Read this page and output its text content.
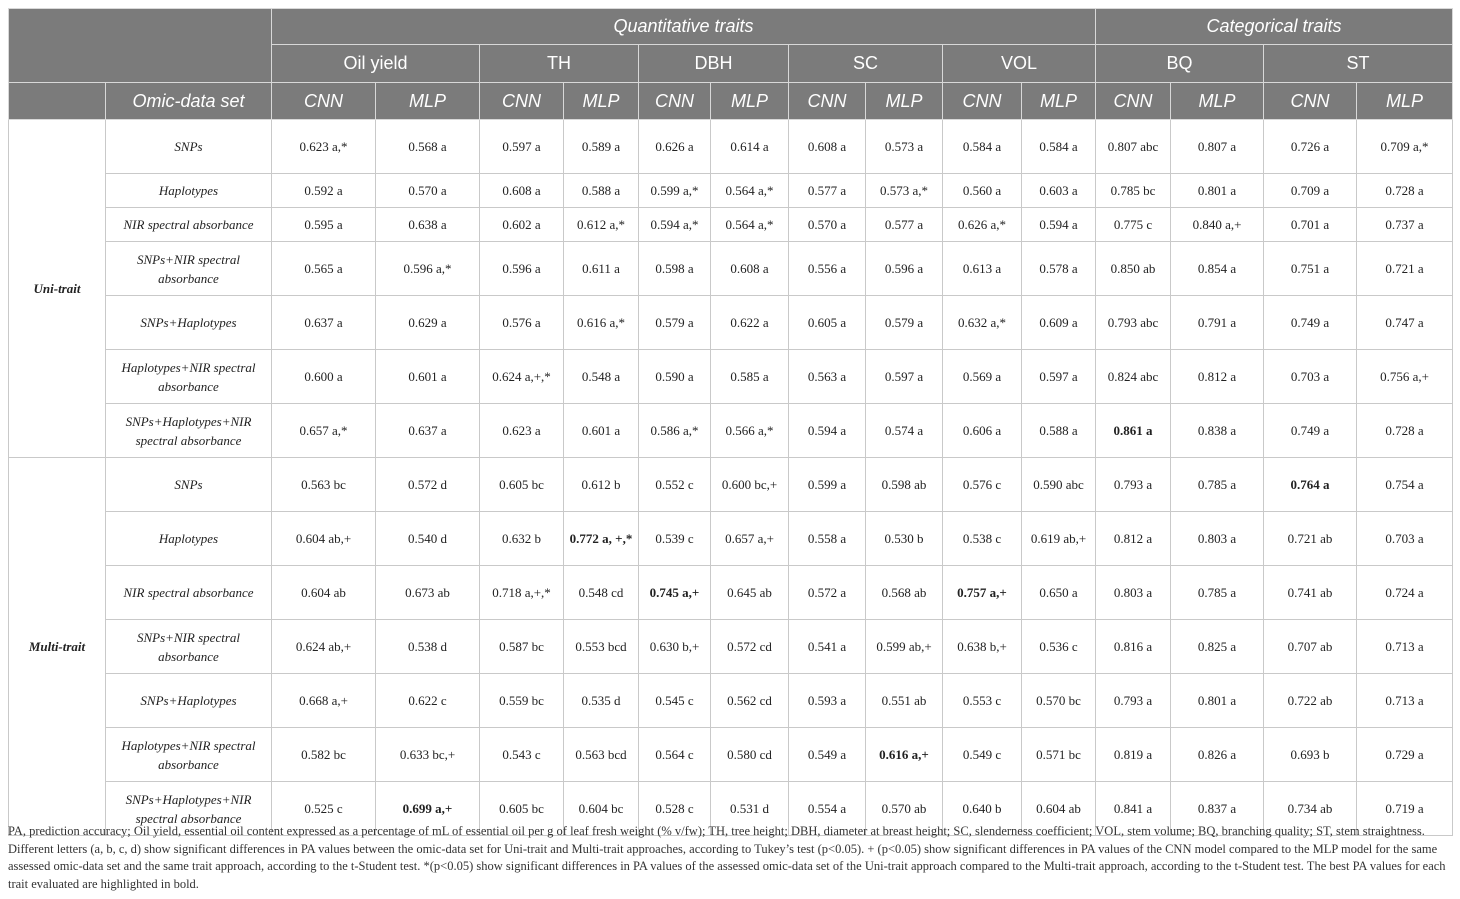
		Quantitative traits										Categorical traits			
		Oil yield		TH		DBH		SC		VOL		BQ		ST	
	Omic-data set	CNN	MLP	CNN	MLP	CNN	MLP	CNN	MLP	CNN	MLP	CNN	MLP	CNN	MLP
Uni-trait	SNPs	0.623 a,*	0.568 a	0.597 a	0.589 a	0.626 a	0.614 a	0.608 a	0.573 a	0.584 a	0.584 a	0.807 abc	0.807 a	0.726 a	0.709 a,*
	Haplotypes	0.592 a	0.570 a	0.608 a	0.588 a	0.599 a,*	0.564 a,*	0.577 a	0.573 a,*	0.560 a	0.603 a	0.785 bc	0.801 a	0.709 a	0.728 a
	NIR spectral absorbance	0.595 a	0.638 a	0.602 a	0.612 a,*	0.594 a,*	0.564 a,*	0.570 a	0.577 a	0.626 a,*	0.594 a	0.775 c	0.840 a,+	0.701 a	0.737 a
	SNPs+NIR spectral absorbance	0.565 a	0.596 a,*	0.596 a	0.611 a	0.598 a	0.608 a	0.556 a	0.596 a	0.613 a	0.578 a	0.850 ab	0.854 a	0.751 a	0.721 a
	SNPs+Haplotypes	0.637 a	0.629 a	0.576 a	0.616 a,*	0.579 a	0.622 a	0.605 a	0.579 a	0.632 a,*	0.609 a	0.793 abc	0.791 a	0.749 a	0.747 a
	Haplotypes+NIR spectral absorbance	0.600 a	0.601 a	0.624 a,+,*	0.548 a	0.590 a	0.585 a	0.563 a	0.597 a	0.569 a	0.597 a	0.824 abc	0.812 a	0.703 a	0.756 a,+
	SNPs+Haplotypes+NIR spectral absorbance	0.657 a,*	0.637 a	0.623 a	0.601 a	0.586 a,*	0.566 a,*	0.594 a	0.574 a	0.606 a	0.588 a	0.861 a	0.838 a	0.749 a	0.728 a
Multi-trait	SNPs	0.563 bc	0.572 d	0.605 bc	0.612 b	0.552 c	0.600 bc,+	0.599 a	0.598 ab	0.576 c	0.590 abc	0.793 a	0.785 a	0.764 a	0.754 a
	Haplotypes	0.604 ab,+	0.540 d	0.632 b	0.772 a, +,*	0.539 c	0.657 a,+	0.558 a	0.530 b	0.538 c	0.619 ab,+	0.812 a	0.803 a	0.721 ab	0.703 a
	NIR spectral absorbance	0.604 ab	0.673 ab	0.718 a,+,*	0.548 cd	0.745 a,+	0.645 ab	0.572 a	0.568 ab	0.757 a,+	0.650 a	0.803 a	0.785 a	0.741 ab	0.724 a
	SNPs+NIR spectral absorbance	0.624 ab,+	0.538 d	0.587 bc	0.553 bcd	0.630 b,+	0.572 cd	0.541 a	0.599 ab,+	0.638 b,+	0.536 c	0.816 a	0.825 a	0.707 ab	0.713 a
	SNPs+Haplotypes	0.668 a,+	0.622 c	0.559 bc	0.535 d	0.545 c	0.562 cd	0.593 a	0.551 ab	0.553 c	0.570 bc	0.793 a	0.801 a	0.722 ab	0.713 a
	Haplotypes+NIR spectral absorbance	0.582 bc	0.633 bc,+	0.543 c	0.563 bcd	0.564 c	0.580 cd	0.549 a	0.616 a,+	0.549 c	0.571 bc	0.819 a	0.826 a	0.693 b	0.729 a
	SNPs+Haplotypes+NIR spectral absorbance	0.525 c	0.699 a,+	0.605 bc	0.604 bc	0.528 c	0.531 d	0.554 a	0.570 ab	0.640 b	0.604 ab	0.841 a	0.837 a	0.734 ab	0.719 a
PA, prediction accuracy; Oil yield, essential oil content expressed as a percentage of mL of essential oil per g of leaf fresh weight (% v/fw); TH, tree height; DBH, diameter at breast height; SC, slenderness coefficient; VOL, stem volume; BQ, branching quality; ST, stem straightness. Different letters (a, b, c, d) show significant differences in PA values between the omic-data set for Uni-trait and Multi-trait approaches, according to Tukey’s test (p<0.05). + (p<0.05) show significant differences in PA values of the CNN model compared to the MLP model for the same assessed omic-data set and the same trait approach, according to the t-Student test. *(p<0.05) show significant differences in PA values of the assessed omic-data set of the Uni-trait approach compared to the Multi-trait approach, according to the t-Student test. The best PA values for each trait evaluated are highlighted in bold.
